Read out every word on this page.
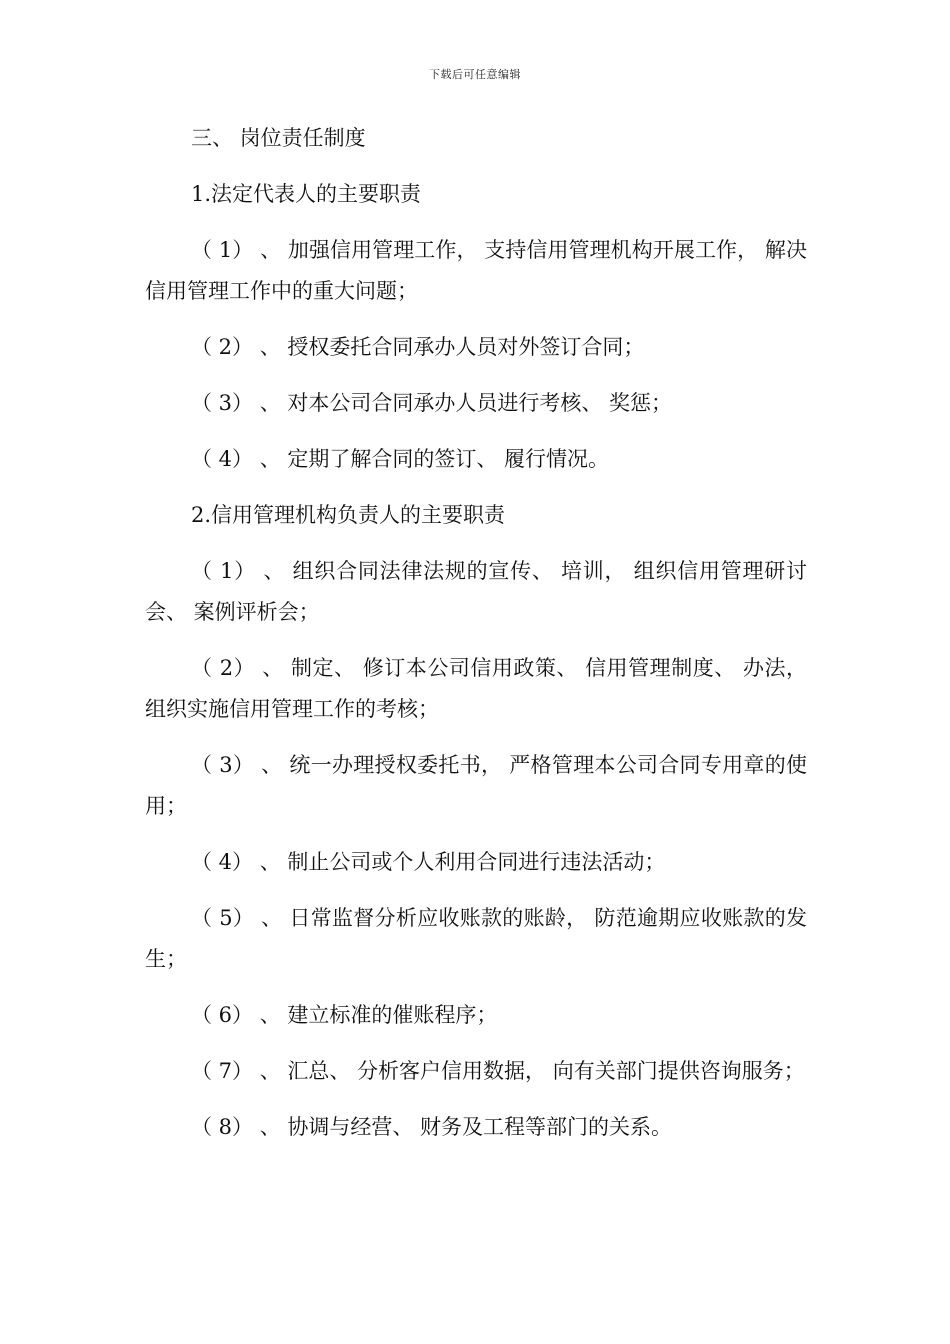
下载后可任意编辑

三、 岗位责任制度

1.法定代表人的主要职责

（ 1） 、 加强信用管理工作， 支持信用管理机构开展工作， 解决信用管理工作中的重大问题；

（ 2） 、 授权委托合同承办人员对外签订合同；

（ 3） 、 对本公司合同承办人员进行考核、 奖惩；

（ 4） 、 定期了解合同的签订、 履行情况。

2.信用管理机构负责人的主要职责

（ 1） 、 组织合同法律法规的宣传、 培训， 组织信用管理研讨会、 案例评析会；

（ 2） 、 制定、 修订本公司信用政策、 信用管理制度、 办法， 组织实施信用管理工作的考核；

（ 3） 、 统一办理授权委托书， 严格管理本公司合同专用章的使用；

（ 4） 、 制止公司或个人利用合同进行违法活动；

（ 5） 、 日常监督分析应收账款的账龄， 防范逾期应收账款的发生；

（ 6） 、 建立标准的催账程序；

（ 7） 、 汇总、 分析客户信用数据， 向有关部门提供咨询服务；

（ 8） 、 协调与经营、 财务及工程等部门的关系。
